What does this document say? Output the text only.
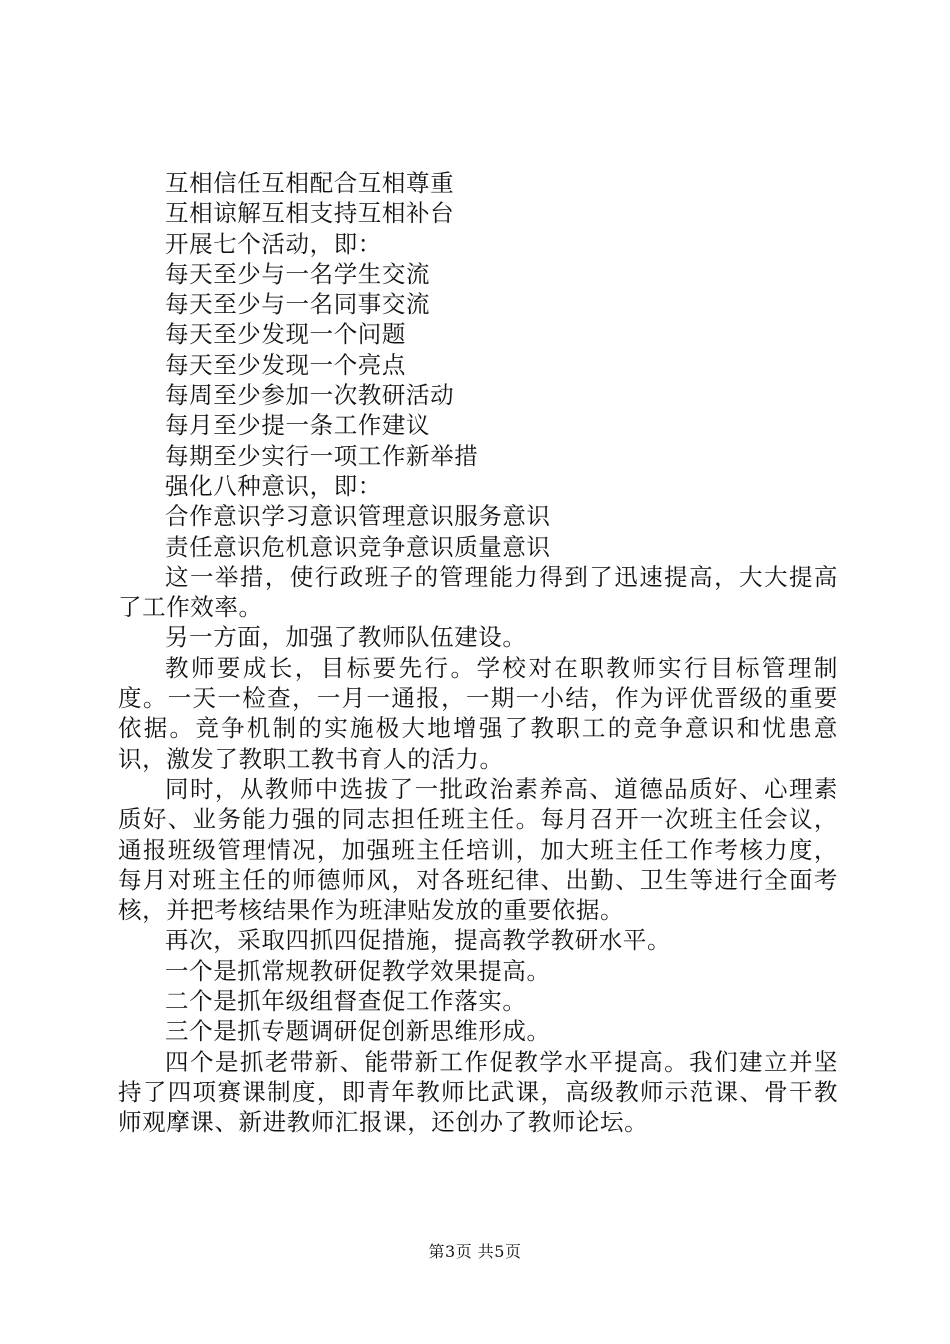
互相信任互相配合互相尊重

互相谅解互相支持互相补台

开展七个活动，即：

每天至少与一名学生交流

每天至少与一名同事交流

每天至少发现一个问题

每天至少发现一个亮点

每周至少参加一次教研活动

每月至少提一条工作建议

每期至少实行一项工作新举措

强化八种意识，即：

合作意识学习意识管理意识服务意识

责任意识危机意识竞争意识质量意识

这一举措，使行政班子的管理能力得到了迅速提高，大大提高了工作效率。

另一方面，加强了教师队伍建设。

教师要成长，目标要先行。学校对在职教师实行目标管理制度。一天一检查，一月一通报，一期一小结，作为评优晋级的重要依据。竞争机制的实施极大地增强了教职工的竞争意识和忧患意识，激发了教职工教书育人的活力。

同时，从教师中选拔了一批政治素养高、道德品质好、心理素质好、业务能力强的同志担任班主任。每月召开一次班主任会议，通报班级管理情况，加强班主任培训，加大班主任工作考核力度，每月对班主任的师德师风，对各班纪律、出勤、卫生等进行全面考核，并把考核结果作为班津贴发放的重要依据。

再次，采取四抓四促措施，提高教学教研水平。

一个是抓常规教研促教学效果提高。

二个是抓年级组督查促工作落实。

三个是抓专题调研促创新思维形成。

四个是抓老带新、能带新工作促教学水平提高。我们建立并坚持了四项赛课制度，即青年教师比武课，高级教师示范课、骨干教师观摩课、新进教师汇报课，还创办了教师论坛。

第3页 共5页
